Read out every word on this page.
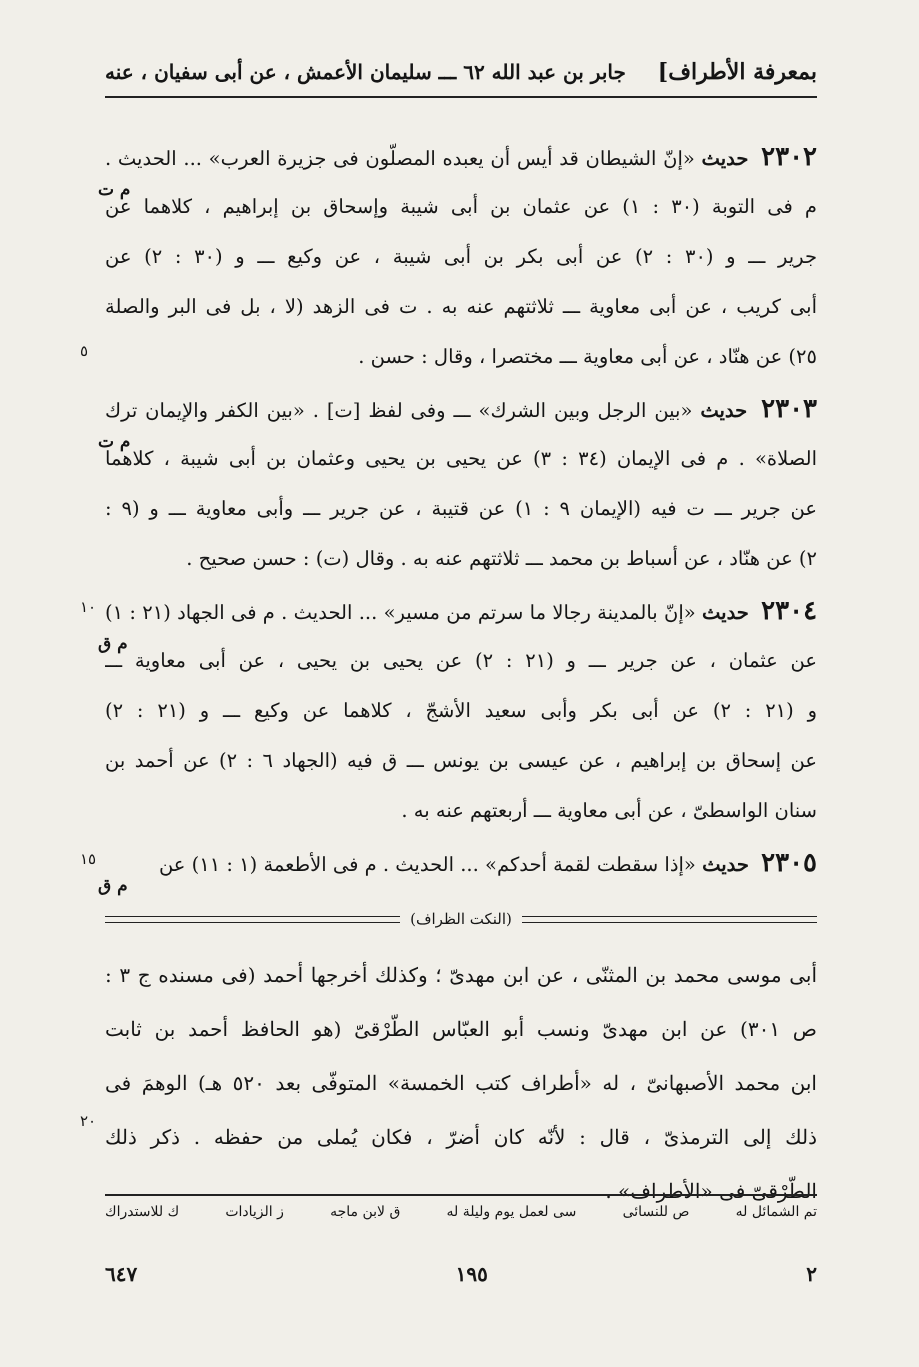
بمعرفة الأطراف]
جابر بن عبد الله ٦٢ ـــ سليمان الأعمش ، عن أبى سفيان ، عنه
٢٣٠٢ حديث «إنّ الشيطان قد أيس أن يعبده المصلّون فى جزيرة العرب» ... الحديث .
م فى التوبة (٣٠ : ١) عن عثمان بن أبى شيبة وإسحاق بن إبراهيم ، كلاهما عن
جرير ـــ و (٣٠ : ٢) عن أبى بكر بن أبى شيبة ، عن وكيع ـــ و (٣٠ : ٢) عن
أبى كريب ، عن أبى معاوية ـــ ثلاثتهم عنه به . ت فى الزهد (لا ، بل فى البر والصلة
٢٥) عن هنّاد ، عن أبى معاوية ـــ مختصرا ، وقال : حسن .
م ت
٥
٢٣٠٣ حديث «بين الرجل وبين الشرك» ـــ وفى لفظ [ت] . «بين الكفر والإيمان ترك
الصلاة» . م فى الإيمان (٣٤ : ٣) عن يحيى بن يحيى وعثمان بن أبى شيبة ، كلاهما
عن جرير ـــ ت فيه (الإيمان ٩ : ١) عن قتيبة ، عن جرير ـــ وأبى معاوية ـــ و (٩ :
٢) عن هنّاد ، عن أسباط بن محمد ـــ ثلاثتهم عنه به . وقال (ت) : حسن صحيح .
م ت
٢٣٠٤ حديث «إنّ بالمدينة رجالا ما سرتم من مسير» ... الحديث . م فى الجهاد (٢١ : ١)
عن عثمان ، عن جرير ـــ و (٢١ : ٢) عن يحيى بن يحيى ، عن أبى معاوية ـــ
و (٢١ : ٢) عن أبى بكر وأبى سعيد الأشجّ ، كلاهما عن وكيع ـــ و (٢١ : ٢)
عن إسحاق بن إبراهيم ، عن عيسى بن يونس ـــ ق فيه (الجهاد ٦ : ٢) عن أحمد بن
سنان الواسطىّ ، عن أبى معاوية ـــ أربعتهم عنه به .
م ق
١٠
٢٣٠٥ حديث «إذا سقطت لقمة أحدكم» ... الحديث . م فى الأطعمة (١ : ١١) عن
م ق
١٥
(النكت الظراف)
أبى موسى محمد بن المثنّى ، عن ابن مهدىّ ؛ وكذلك أخرجها أحمد (فى مسنده ج ٣ :
ص ٣٠١) عن ابن مهدىّ ونسب أبو العبّاس الطّرْقىّ (هو الحافظ أحمد بن ثابت
ابن محمد الأصبهانىّ ، له «أطراف كتب الخمسة» المتوفّى بعد ٥٢٠ هـ) الوهمَ فى
ذلك إلى الترمذىّ ، قال : لأنّه كان أضرّ ، فكان يُملى من حفظه . ذكر ذلك
الطّرْقىّ فى «الأطراف» .
٢٠
تم الشمائل له
ص للنسائى
سى لعمل يوم وليلة له
ق لابن ماجه
ز الزيادات
ك للاستدراك
٢
١٩٥
٦٤٧
